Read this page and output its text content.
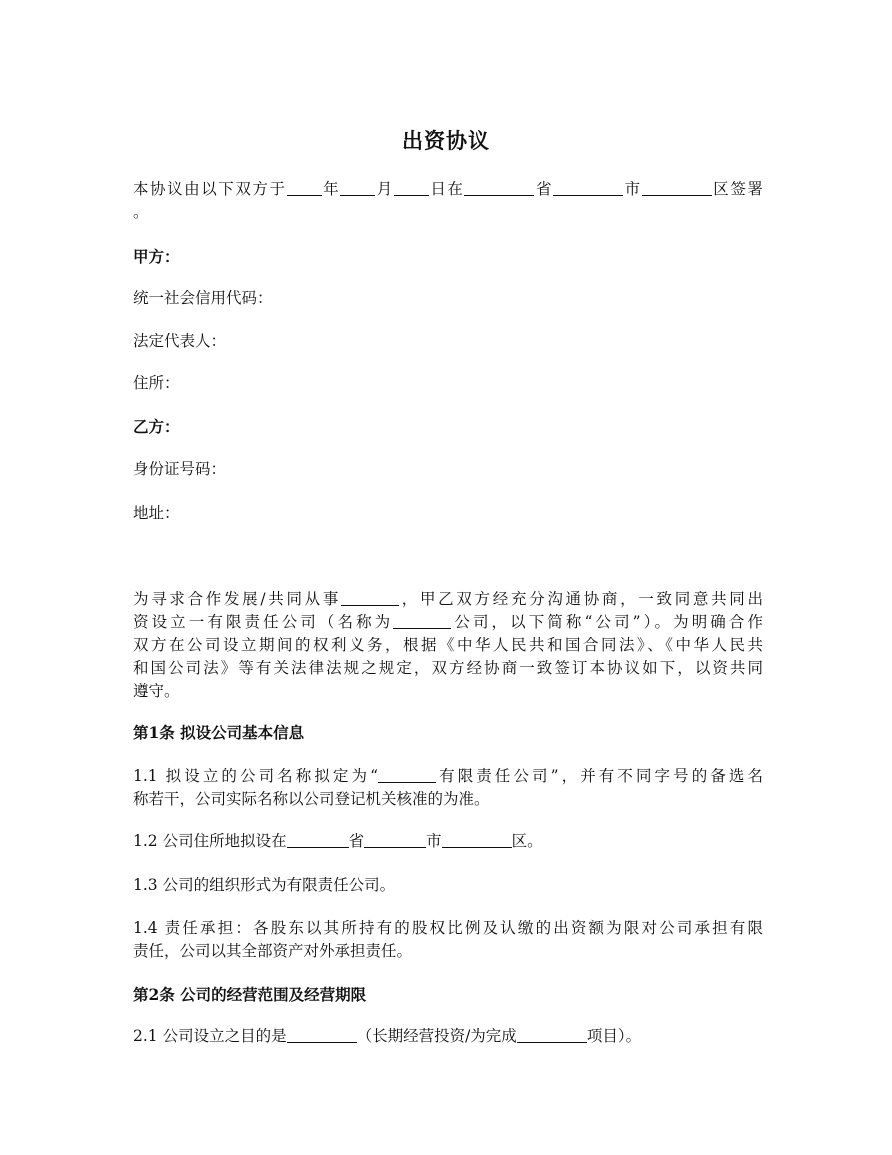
出资协议
本协议由以下双方于 年 月 日在	省	市	区签署
。
甲方：
统一社会信用代码：
法定代表人：
住所：
乙方：
身份证号码：
地址：
为寻求合作发展/共同从事	，甲乙双方经充分沟通协商，一致同意共同出
资设立一有限责任公司（名称为	公司，以下简称“公司”）。为明确合作
双方在公司设立期间的权利义务，根据《中华人民共和国合同法》、《中华人民共
和国公司法》等有关法律法规之规定，双方经协商一致签订本协议如下，以资共同
遵守。
第1条 拟设公司基本信息
1.1 拟设立的公司名称拟定为“	有限责任公司”，并有不同字号的备选名
称若干，公司实际名称以公司登记机关核准的为准。
1.2 公司住所地拟设在	省	市	区。
1.3 公司的组织形式为有限责任公司。
1.4 责任承担：各股东以其所持有的股权比例及认缴的出资额为限对公司承担有限
责任，公司以其全部资产对外承担责任。
第2条 公司的经营范围及经营期限
2.1 公司设立之目的是	（长期经营投资/为完成	项目）。
